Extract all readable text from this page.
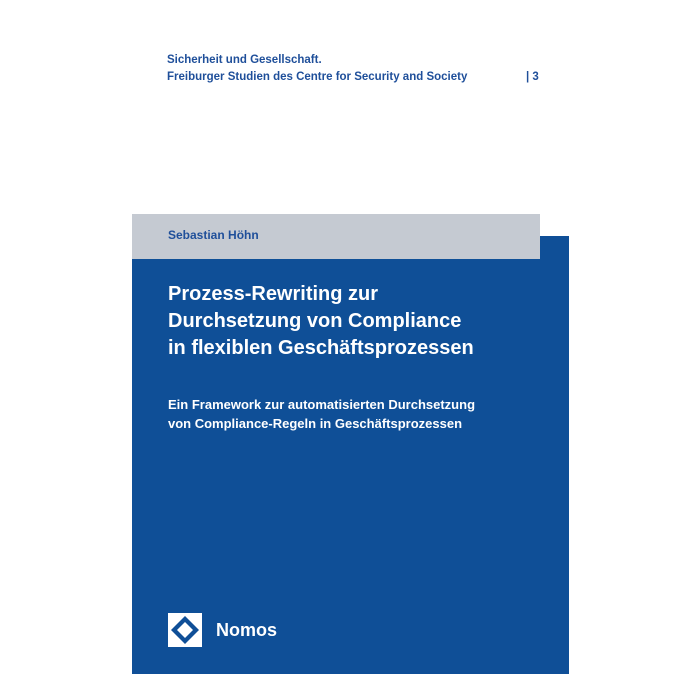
Sicherheit und Gesellschaft.
Freiburger Studien des Centre for Security and Society	| 3
Sebastian Höhn
Prozess-Rewriting zur
Durchsetzung von Compliance
in flexiblen Geschäftsprozessen
Ein Framework zur automatisierten Durchsetzung
von Compliance-Regeln in Geschäftsprozessen
Nomos
